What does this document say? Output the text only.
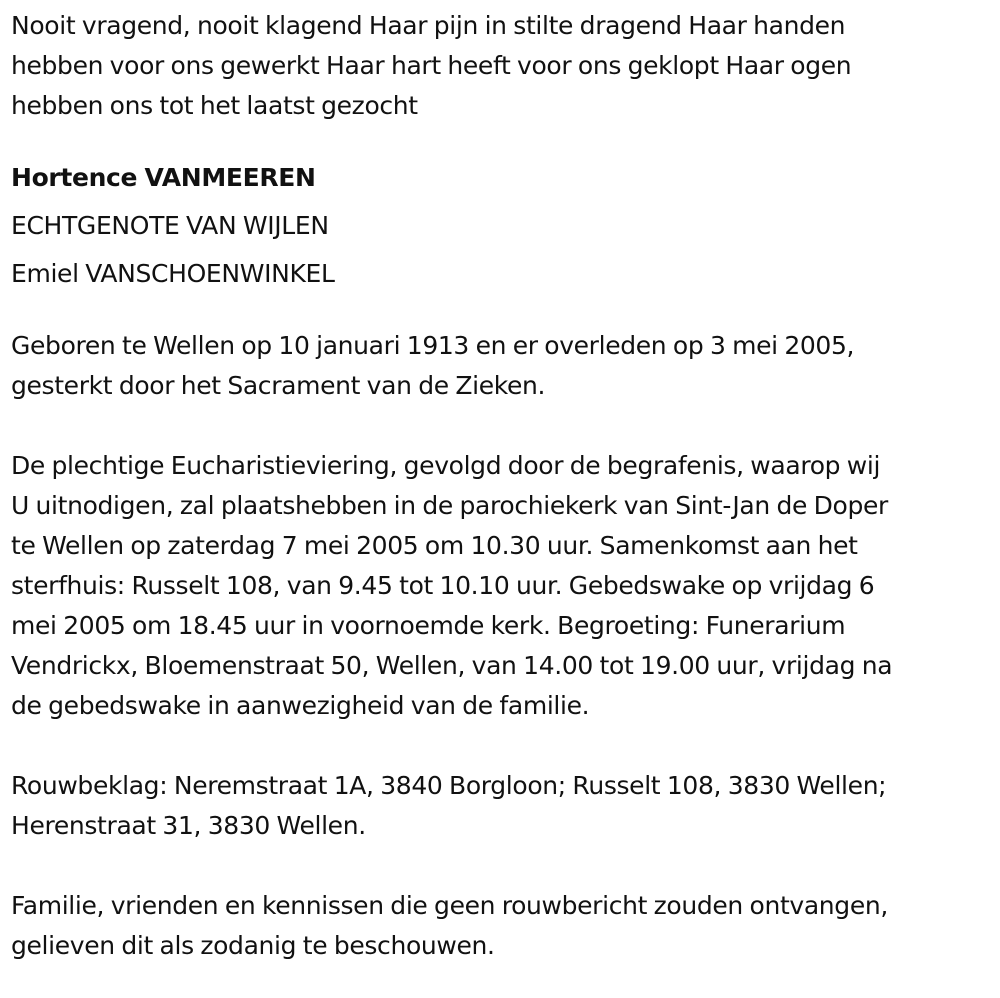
Nooit vragend, nooit klagend Haar pijn in stilte dragend Haar handen

hebben voor ons gewerkt Haar hart heeft voor ons geklopt Haar ogen

hebben ons tot het laatst gezocht

Hortence VANMEEREN

ECHTGENOTE VAN WIJLEN

Emiel VANSCHOENWINKEL

Geboren te Wellen op 10 januari 1913 en er overleden op 3 mei 2005,

gesterkt door het Sacrament van de Zieken.

De plechtige Eucharistieviering, gevolgd door de begrafenis, waarop wij

U uitnodigen, zal plaatshebben in de parochiekerk van Sint-Jan de Doper

te Wellen op zaterdag 7 mei 2005 om 10.30 uur. Samenkomst aan het

sterfhuis: Russelt 108, van 9.45 tot 10.10 uur. Gebedswake op vrijdag 6

mei 2005 om 18.45 uur in voornoemde kerk. Begroeting: Funerarium

Vendrickx, Bloemenstraat 50, Wellen, van 14.00 tot 19.00 uur, vrijdag na

de gebedswake in aanwezigheid van de familie.

Rouwbeklag: Neremstraat 1A, 3840 Borgloon; Russelt 108, 3830 Wellen;

Herenstraat 31, 3830 Wellen.

Familie, vrienden en kennissen die geen rouwbericht zouden ontvangen,

gelieven dit als zodanig te beschouwen.
